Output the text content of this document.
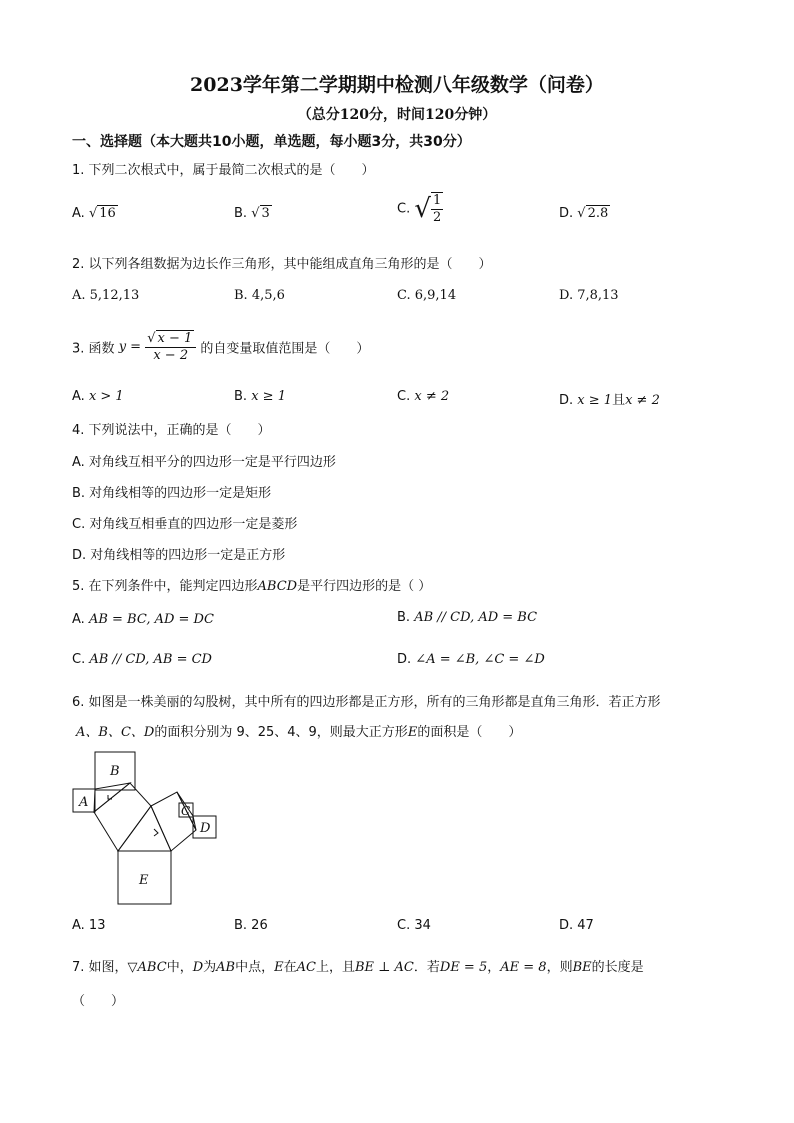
2023学年第二学期期中检测八年级数学（问卷）
（总分120分，时间120分钟）
一、选择题（本大题共10小题，单选题，每小题3分，共30分）
1. 下列二次根式中，属于最简二次根式的是（　　）
A. √ 16	B. √ 3	C. √ $\frac{1}{2}$	D. √ 2.8
2. 以下列各组数据为边长作三角形，其中能组成直角三角形的是（　　）
A. 5,12,13	B. 4,5,6	C. 6,9,14	D. 7,8,13
3. 函数 $y = \frac{√ x - 1}{x - 2}$ 的自变量取值范围是（　　）
A. x > 1	B. x ≥ 1	C. x ≠ 2	D. x ≥ 1且x ≠ 2
4. 下列说法中，正确的是（　　）
A. 对角线互相平分的四边形一定是平行四边形
B. 对角线相等的四边形一定是矩形
C. 对角线互相垂直的四边形一定是菱形
D. 对角线相等的四边形一定是正方形
5. 在下列条件中，能判定四边形ABCD是平行四边形的是（ ）
A. AB = BC, AD = DC	B. AB // CD, AD = BC
C. AB // CD, AB = CD	D. ∠A = ∠B, ∠C = ∠D
6. 如图是一株美丽的勾股树，其中所有的四边形都是正方形，所有的三角形都是直角三角形．若正方形
A、B、C、D的面积分别为 9、25、4、9，则最大正方形E的面积是（　　）
A
B
C
D
E
A. 13	B. 26	C. 34	D. 47
7. 如图，▽ABC中，D为AB中点，E在AC上，且BE ⊥ AC．若DE = 5，AE = 8，则BE的长度是
（　　）
